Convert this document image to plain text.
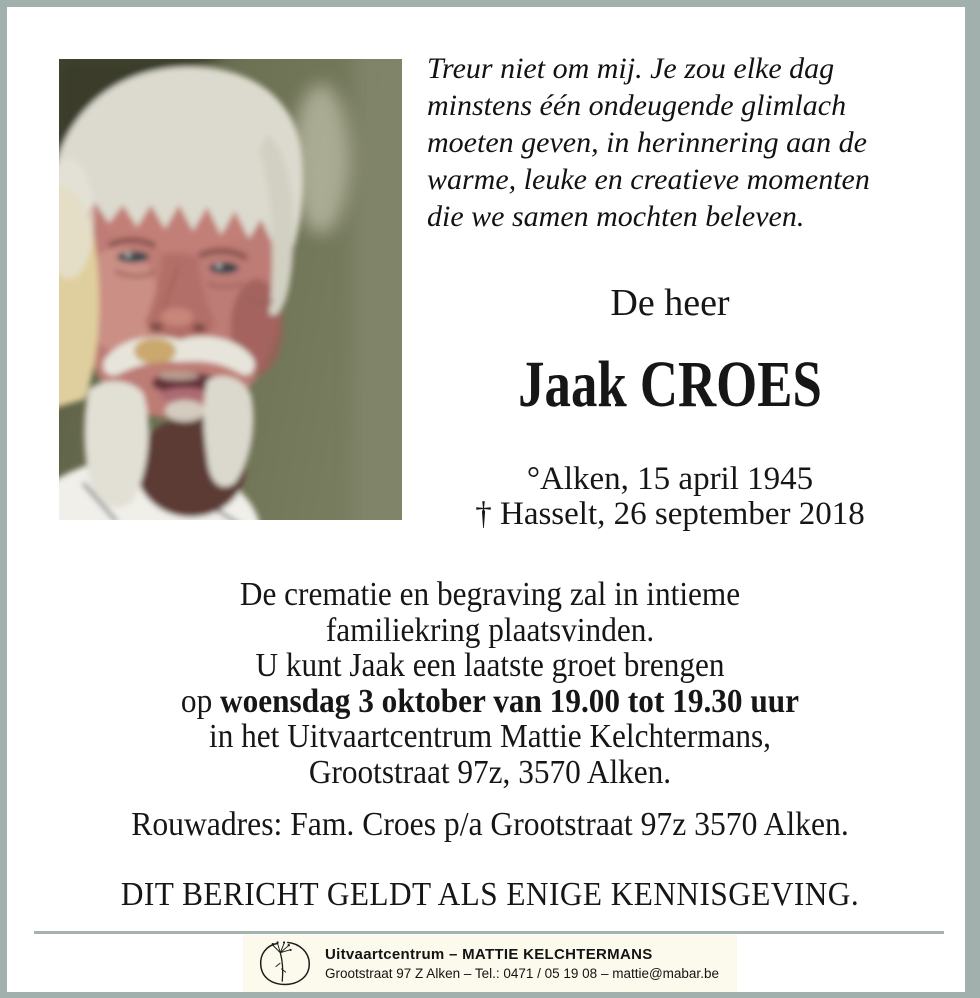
Treur niet om mij. Je zou elke dag
minstens één ondeugende glimlach
moeten geven, in herinnering aan de
warme, leuke en creatieve momenten
die we samen mochten beleven.
De heer
Jaak CROES
°Alken, 15 april 1945
† Hasselt, 26 september 2018
De crematie en begraving zal in intieme
familiekring plaatsvinden.
U kunt Jaak een laatste groet brengen
op woensdag 3 oktober van 19.00 tot 19.30 uur
in het Uitvaartcentrum Mattie Kelchtermans,
Grootstraat 97z, 3570 Alken.
Rouwadres: Fam. Croes p/a Grootstraat 97z 3570 Alken.
DIT BERICHT GELDT ALS ENIGE KENNISGEVING.
Uitvaartcentrum – MATTIE KELCHTERMANS
Grootstraat 97 Z Alken – Tel.: 0471 / 05 19 08 – mattie@mabar.be
